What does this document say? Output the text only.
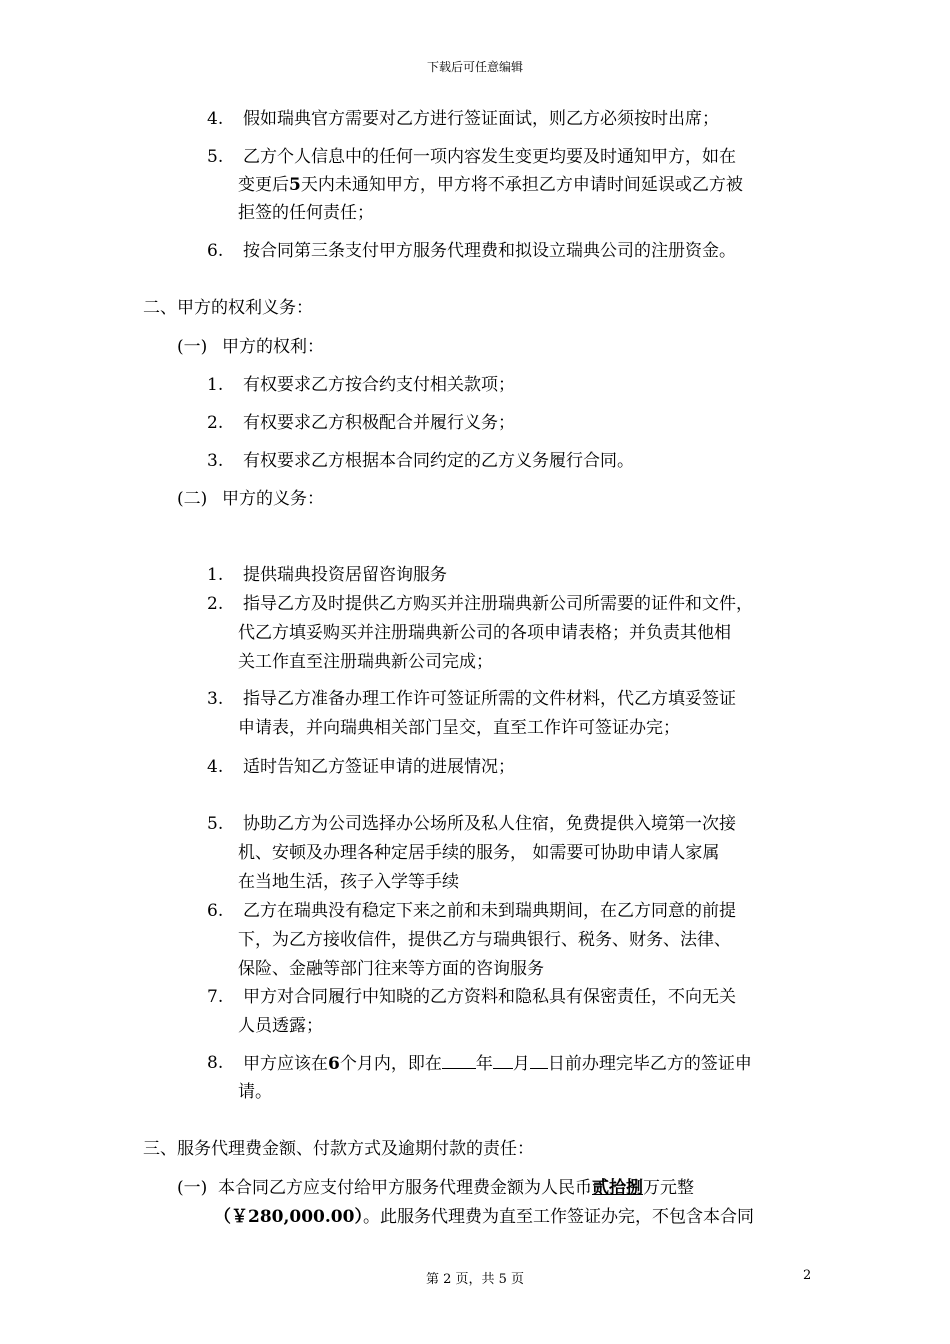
下载后可任意编辑
4. 假如瑞典官方需要对乙方进行签证面试，则乙方必须按时出席；
5. 乙方个人信息中的任何一项内容发生变更均要及时通知甲方，如在
变更后5天内未通知甲方，甲方将不承担乙方申请时间延误或乙方被
拒签的任何责任；
6. 按合同第三条支付甲方服务代理费和拟设立瑞典公司的注册资金。
二、甲方的权利义务：
(一) 甲方的权利：
1. 有权要求乙方按合约支付相关款项；
2. 有权要求乙方积极配合并履行义务；
3. 有权要求乙方根据本合同约定的乙方义务履行合同。
(二) 甲方的义务：
1. 提供瑞典投资居留咨询服务
2. 指导乙方及时提供乙方购买并注册瑞典新公司所需要的证件和文件，
代乙方填妥购买并注册瑞典新公司的各项申请表格；并负责其他相
关工作直至注册瑞典新公司完成；
3. 指导乙方准备办理工作许可签证所需的文件材料，代乙方填妥签证
申请表，并向瑞典相关部门呈交，直至工作许可签证办完；
4. 适时告知乙方签证申请的进展情况；
5. 协助乙方为公司选择办公场所及私人住宿，免费提供入境第一次接
机、安顿及办理各种定居手续的服务， 如需要可协助申请人家属
在当地生活，孩子入学等手续
6. 乙方在瑞典没有稳定下来之前和未到瑞典期间，在乙方同意的前提
下，为乙方接收信件，提供乙方与瑞典银行、税务、财务、法律、
保险、金融等部门往来等方面的咨询服务
7. 甲方对合同履行中知晓的乙方资料和隐私具有保密责任，不向无关
人员透露；
8. 甲方应该在6个月内，即在 年 月 日前办理完毕乙方的签证申
请。
三、服务代理费金额、付款方式及逾期付款的责任：
(一) 本合同乙方应支付给甲方服务代理费金额为人民币贰拾捌万元整
（￥280,000.00）。此服务代理费为直至工作签证办完，不包含本合同
第 2 页，共 5 页	2
